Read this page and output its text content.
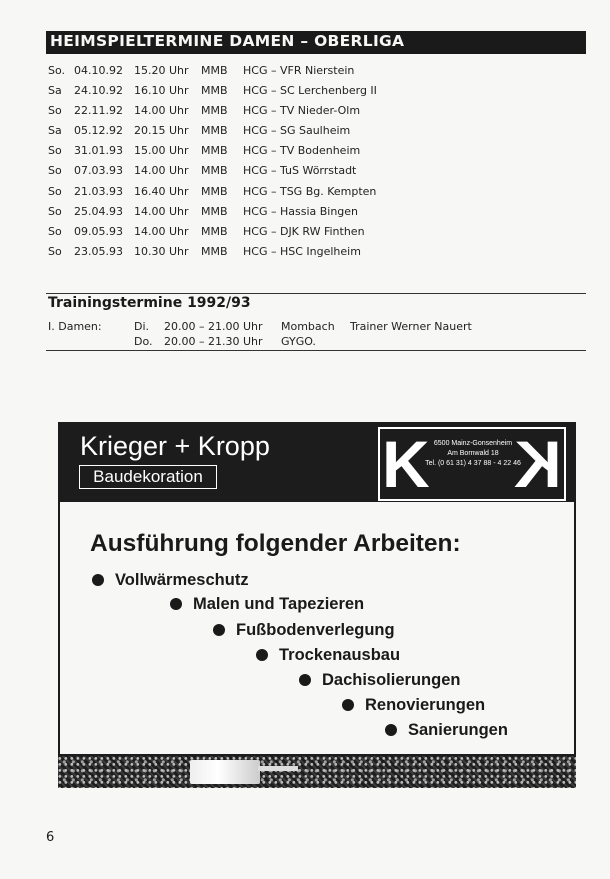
HEIMSPIELTERMINE DAMEN – OBERLIGA
So. 04.10.92 15.20 Uhr MMB HCG – VFR Nierstein
Sa 24.10.92 16.10 Uhr MMB HCG – SC Lerchenberg II
So 22.11.92 14.00 Uhr MMB HCG – TV Nieder-Olm
Sa 05.12.92 20.15 Uhr MMB HCG – SG Saulheim
So 31.01.93 15.00 Uhr MMB HCG – TV Bodenheim
So 07.03.93 14.00 Uhr MMB HCG – TuS Wörrstadt
So 21.03.93 16.40 Uhr MMB HCG – TSG Bg. Kempten
So 25.04.93 14.00 Uhr MMB HCG – Hassia Bingen
So 09.05.93 14.00 Uhr MMB HCG – DJK RW Finthen
So 23.05.93 10.30 Uhr MMB HCG – HSC Ingelheim
Trainingstermine 1992/93
I. Damen:	Di. 20.00 – 21.00 Uhr Mombach Trainer Werner Nauert
Do. 20.00 – 21.30 Uhr GYGO.
Krieger + Kropp
Baudekoration	K 6500 Mainz-Gonsenheim
Am Bornwald 18
Tel. (0 61 31) 4 37 88 - 4 22 46
K
Ausführung folgender Arbeiten:
Vollwärmeschutz
Malen und Tapezieren
Fußbodenverlegung
Trockenausbau
Dachisolierungen
Renovierungen
Sanierungen
6
